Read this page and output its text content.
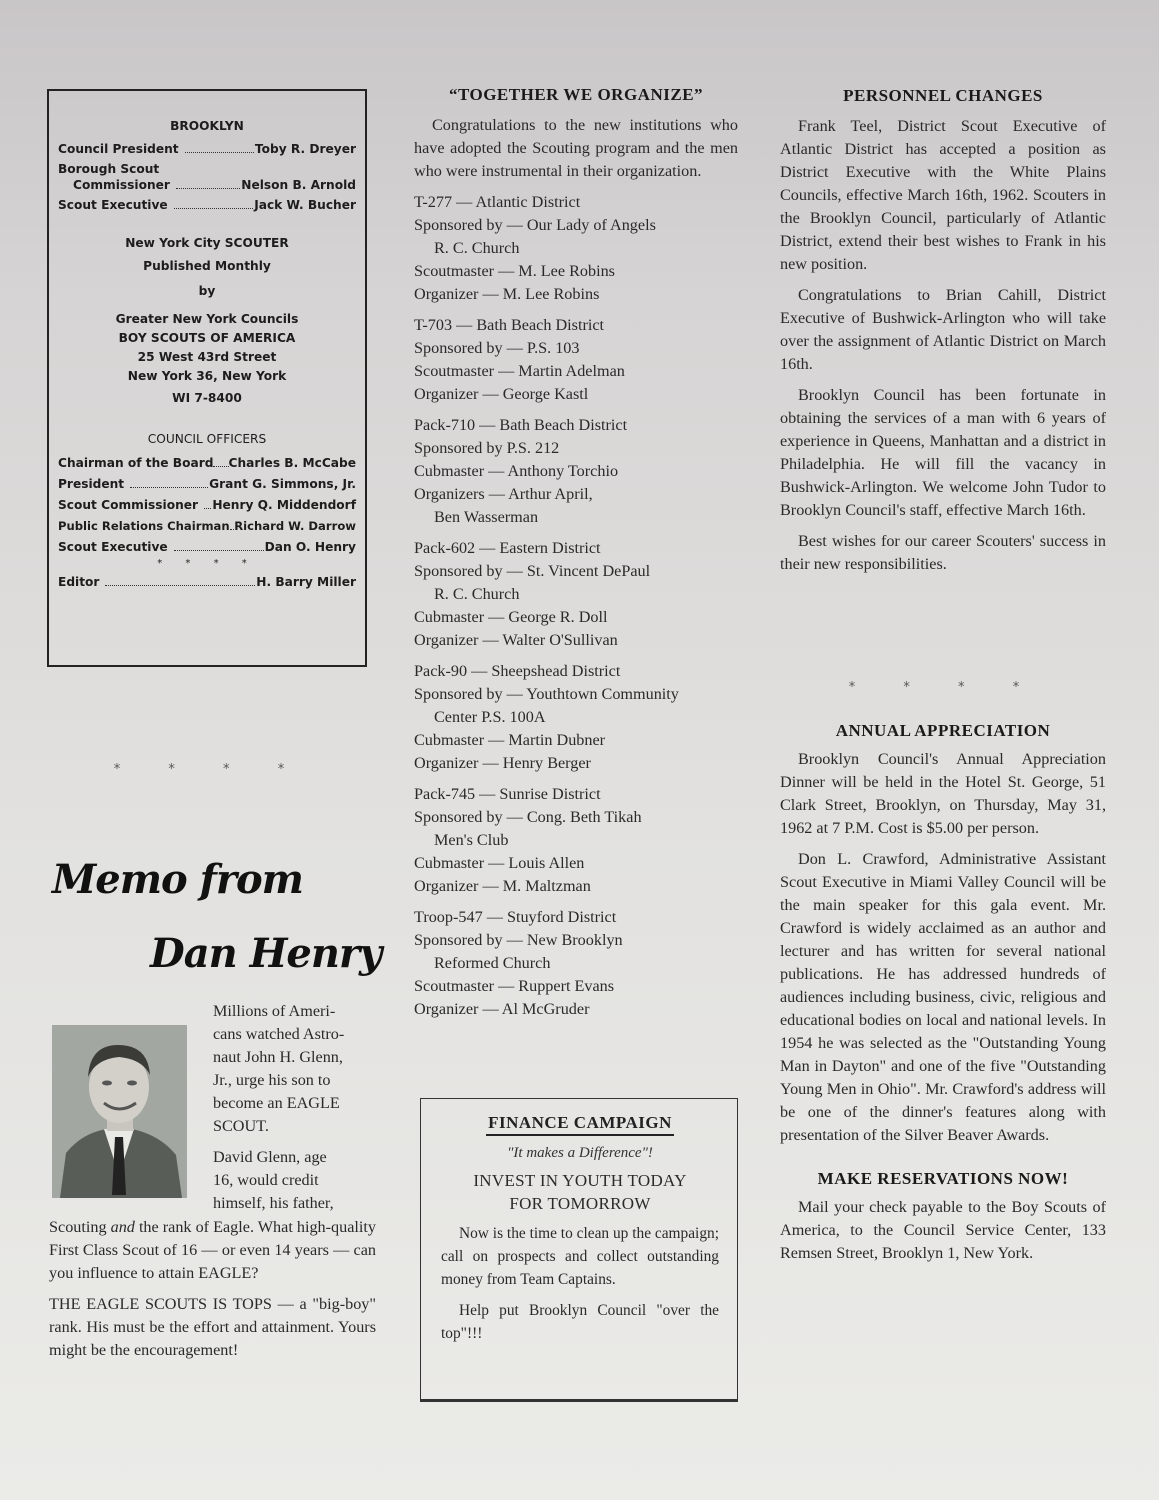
BROOKLYN
Council President	Toby R. Dreyer
Borough Scout
Commissioner	Nelson B. Arnold
Scout Executive	Jack W. Bucher
New York City SCOUTER
Published Monthly
by
Greater New York Councils
BOY SCOUTS OF AMERICA
25 West 43rd Street
New York 36, New York
WI 7-8400
COUNCIL OFFICERS
Chairman of the Board Charles B. McCabe
President	Grant G. Simmons, Jr.
Scout Commissioner Henry Q. Middendorf
Public Relations Chairman Richard W. Darrow
Scout Executive	Dan O. Henry
* * * *
Editor	H. Barry Miller
* * * *
Memo from
Dan Henry
Millions of Ameri-
cans watched Astro-
naut John H. Glenn,
Jr., urge his son to
become an EAGLE
SCOUT.
David Glenn, age
16, would credit
himself, his father,

Scouting and the rank of Eagle. What high-quality First Class Scout of 16 — or even 14 years — can you influence to attain EAGLE?

THE EAGLE SCOUTS IS TOPS — a "big-boy" rank. His must be the effort and attainment. Yours might be the encouragement!

“TOGETHER WE ORGANIZE”

Congratulations to the new institutions who have adopted the Scouting program and the men who were instrumental in their organization.

T-277 — Atlantic District
Sponsored by — Our Lady of Angels
R. C. Church
Scoutmaster — M. Lee Robins
Organizer — M. Lee Robins
T-703 — Bath Beach District
Sponsored by — P.S. 103
Scoutmaster — Martin Adelman
Organizer — George Kastl
Pack-710 — Bath Beach District
Sponsored by P.S. 212
Cubmaster — Anthony Torchio
Organizers — Arthur April,
Ben Wasserman
Pack-602 — Eastern District
Sponsored by — St. Vincent DePaul
R. C. Church
Cubmaster — George R. Doll
Organizer — Walter O'Sullivan
Pack-90 — Sheepshead District
Sponsored by — Youthtown Community
Center P.S. 100A
Cubmaster — Martin Dubner
Organizer — Henry Berger
Pack-745 — Sunrise District
Sponsored by — Cong. Beth Tikah
Men's Club
Cubmaster — Louis Allen
Organizer — M. Maltzman
Troop-547 — Stuyford District
Sponsored by — New Brooklyn
Reformed Church
Scoutmaster — Ruppert Evans
Organizer — Al McGruder
FINANCE CAMPAIGN
"It makes a Difference"!
INVEST IN YOUTH TODAY
FOR TOMORROW

Now is the time to clean up the campaign; call on prospects and collect outstanding money from Team Captains.

Help put Brooklyn Council "over the top"!!!

PERSONNEL CHANGES

Frank Teel, District Scout Executive of Atlantic District has accepted a position as District Executive with the White Plains Councils, effective March 16th, 1962. Scouters in the Brooklyn Council, particularly of Atlantic District, extend their best wishes to Frank in his new position.

Congratulations to Brian Cahill, District Executive of Bushwick-Arlington who will take over the assignment of Atlantic District on March 16th.

Brooklyn Council has been fortunate in obtaining the services of a man with 6 years of experience in Queens, Manhattan and a district in Philadelphia. He will fill the vacancy in Bushwick-Arlington. We welcome John Tudor to Brooklyn Council's staff, effective March 16th.

Best wishes for our career Scouters' success in their new responsibilities.

* * * *
ANNUAL APPRECIATION

Brooklyn Council's Annual Appreciation Dinner will be held in the Hotel St. George, 51 Clark Street, Brooklyn, on Thursday, May 31, 1962 at 7 P.M. Cost is $5.00 per person.

Don L. Crawford, Administrative Assistant Scout Executive in Miami Valley Council will be the main speaker for this gala event. Mr. Crawford is widely acclaimed as an author and lecturer and has written for several national publications. He has addressed hundreds of audiences including business, civic, religious and educational bodies on local and national levels. In 1954 he was selected as the "Outstanding Young Man in Dayton" and one of the five "Outstanding Young Men in Ohio". Mr. Crawford's address will be one of the dinner's features along with presentation of the Silver Beaver Awards.

MAKE RESERVATIONS NOW!

Mail your check payable to the Boy Scouts of America, to the Council Service Center, 133 Remsen Street, Brooklyn 1, New York.
